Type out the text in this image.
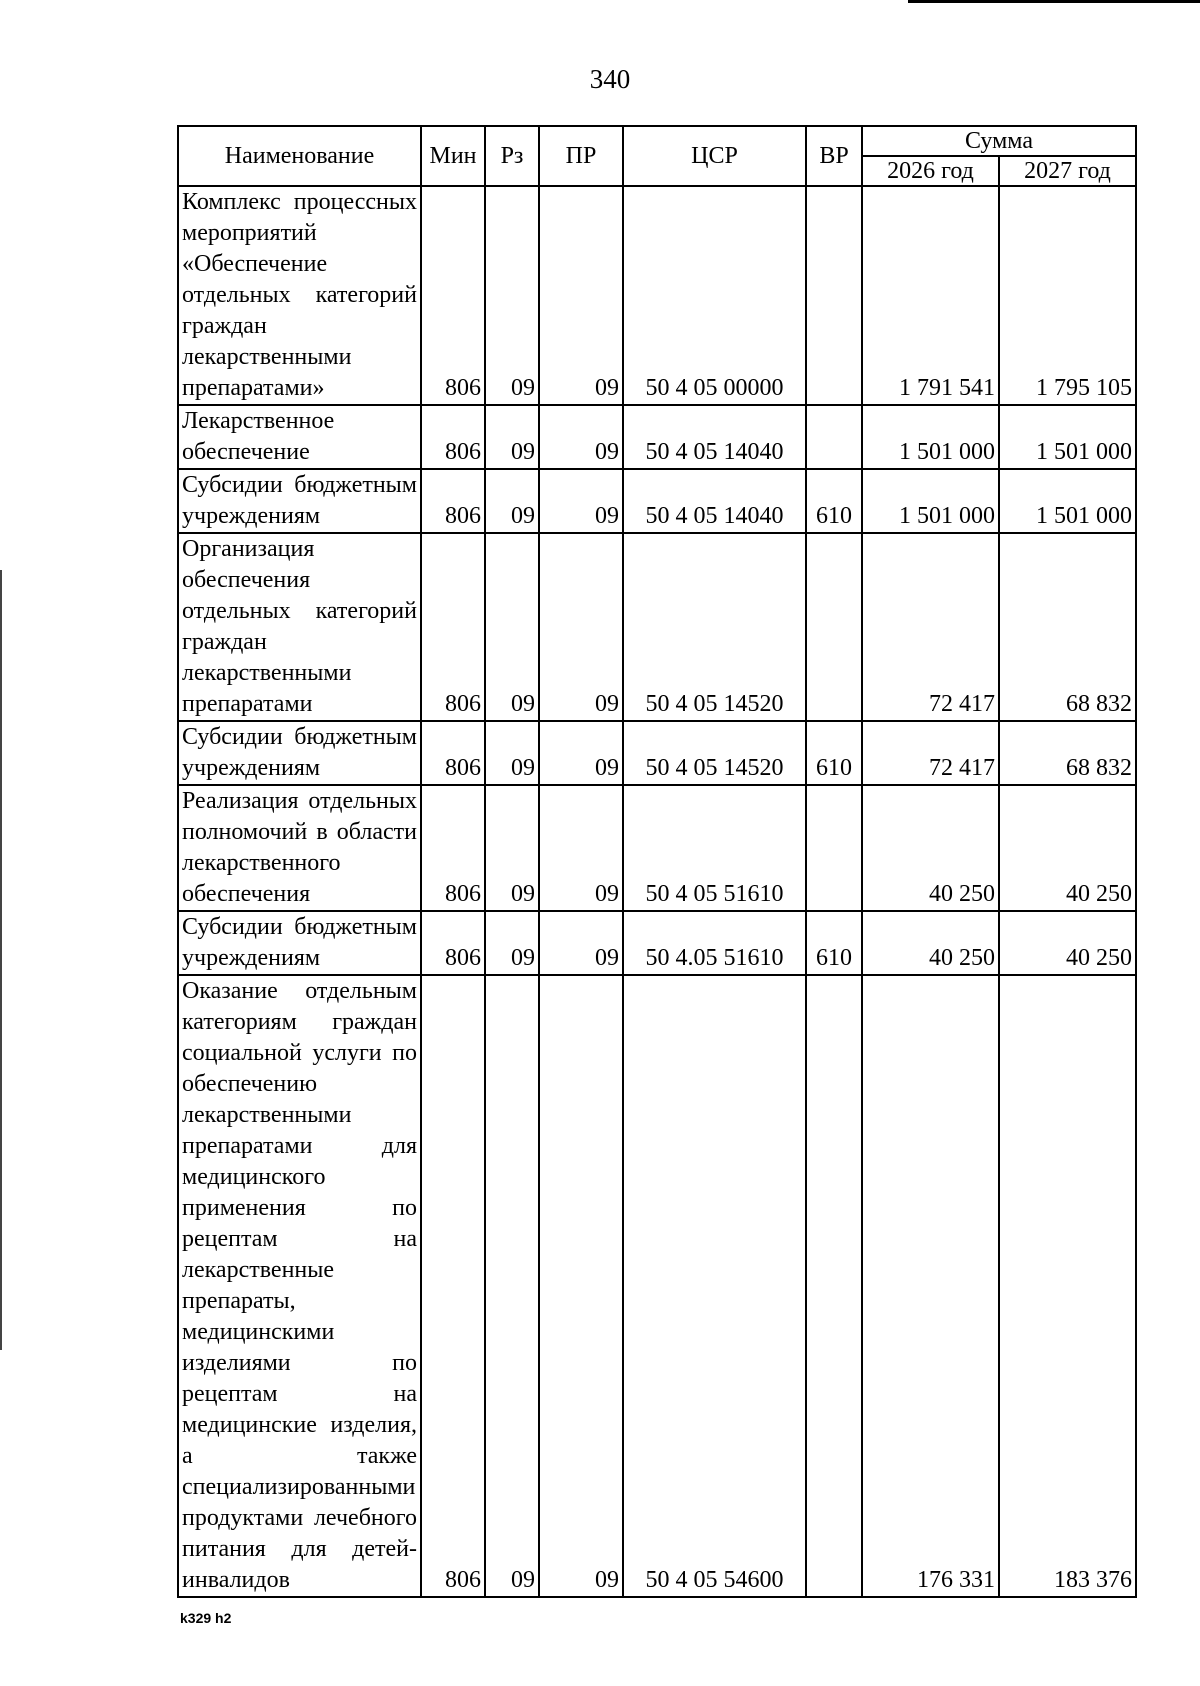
340
Наименование	Мин	Рз	ПР	ЦСР	ВР	Сумма	
						2026 год	2027 год
Комплекс процессных мероприятий «Обеспечение отдельных категорий граждан лекарственными препаратами»	806	09	09	50 4 05 00000		1 791 541	1 795 105
Лекарственное обеспечение	806	09	09	50 4 05 14040		1 501 000	1 501 000
Субсидии бюджетным учреждениям	806	09	09	50 4 05 14040	610	1 501 000	1 501 000
Организация обеспечения отдельных категорий граждан лекарственными препаратами	806	09	09	50 4 05 14520		72 417	68 832
Субсидии бюджетным учреждениям	806	09	09	50 4 05 14520	610	72 417	68 832
Реализация отдельных полномочий в области лекарственного обеспечения	806	09	09	50 4 05 51610		40 250	40 250
Субсидии бюджетным учреждениям	806	09	09	50 4.05 51610	610	40 250	40 250
Оказание отдельным категориям граждан социальной услуги по обеспечению лекарственными препаратами для медицинского применения по рецептам на лекарственные препараты, медицинскими изделиями по рецептам на медицинские изделия, а также специализированными продуктами лечебного питания для детей-инвалидов	806	09	09	50 4 05 54600		176 331	183 376
k329 h2
